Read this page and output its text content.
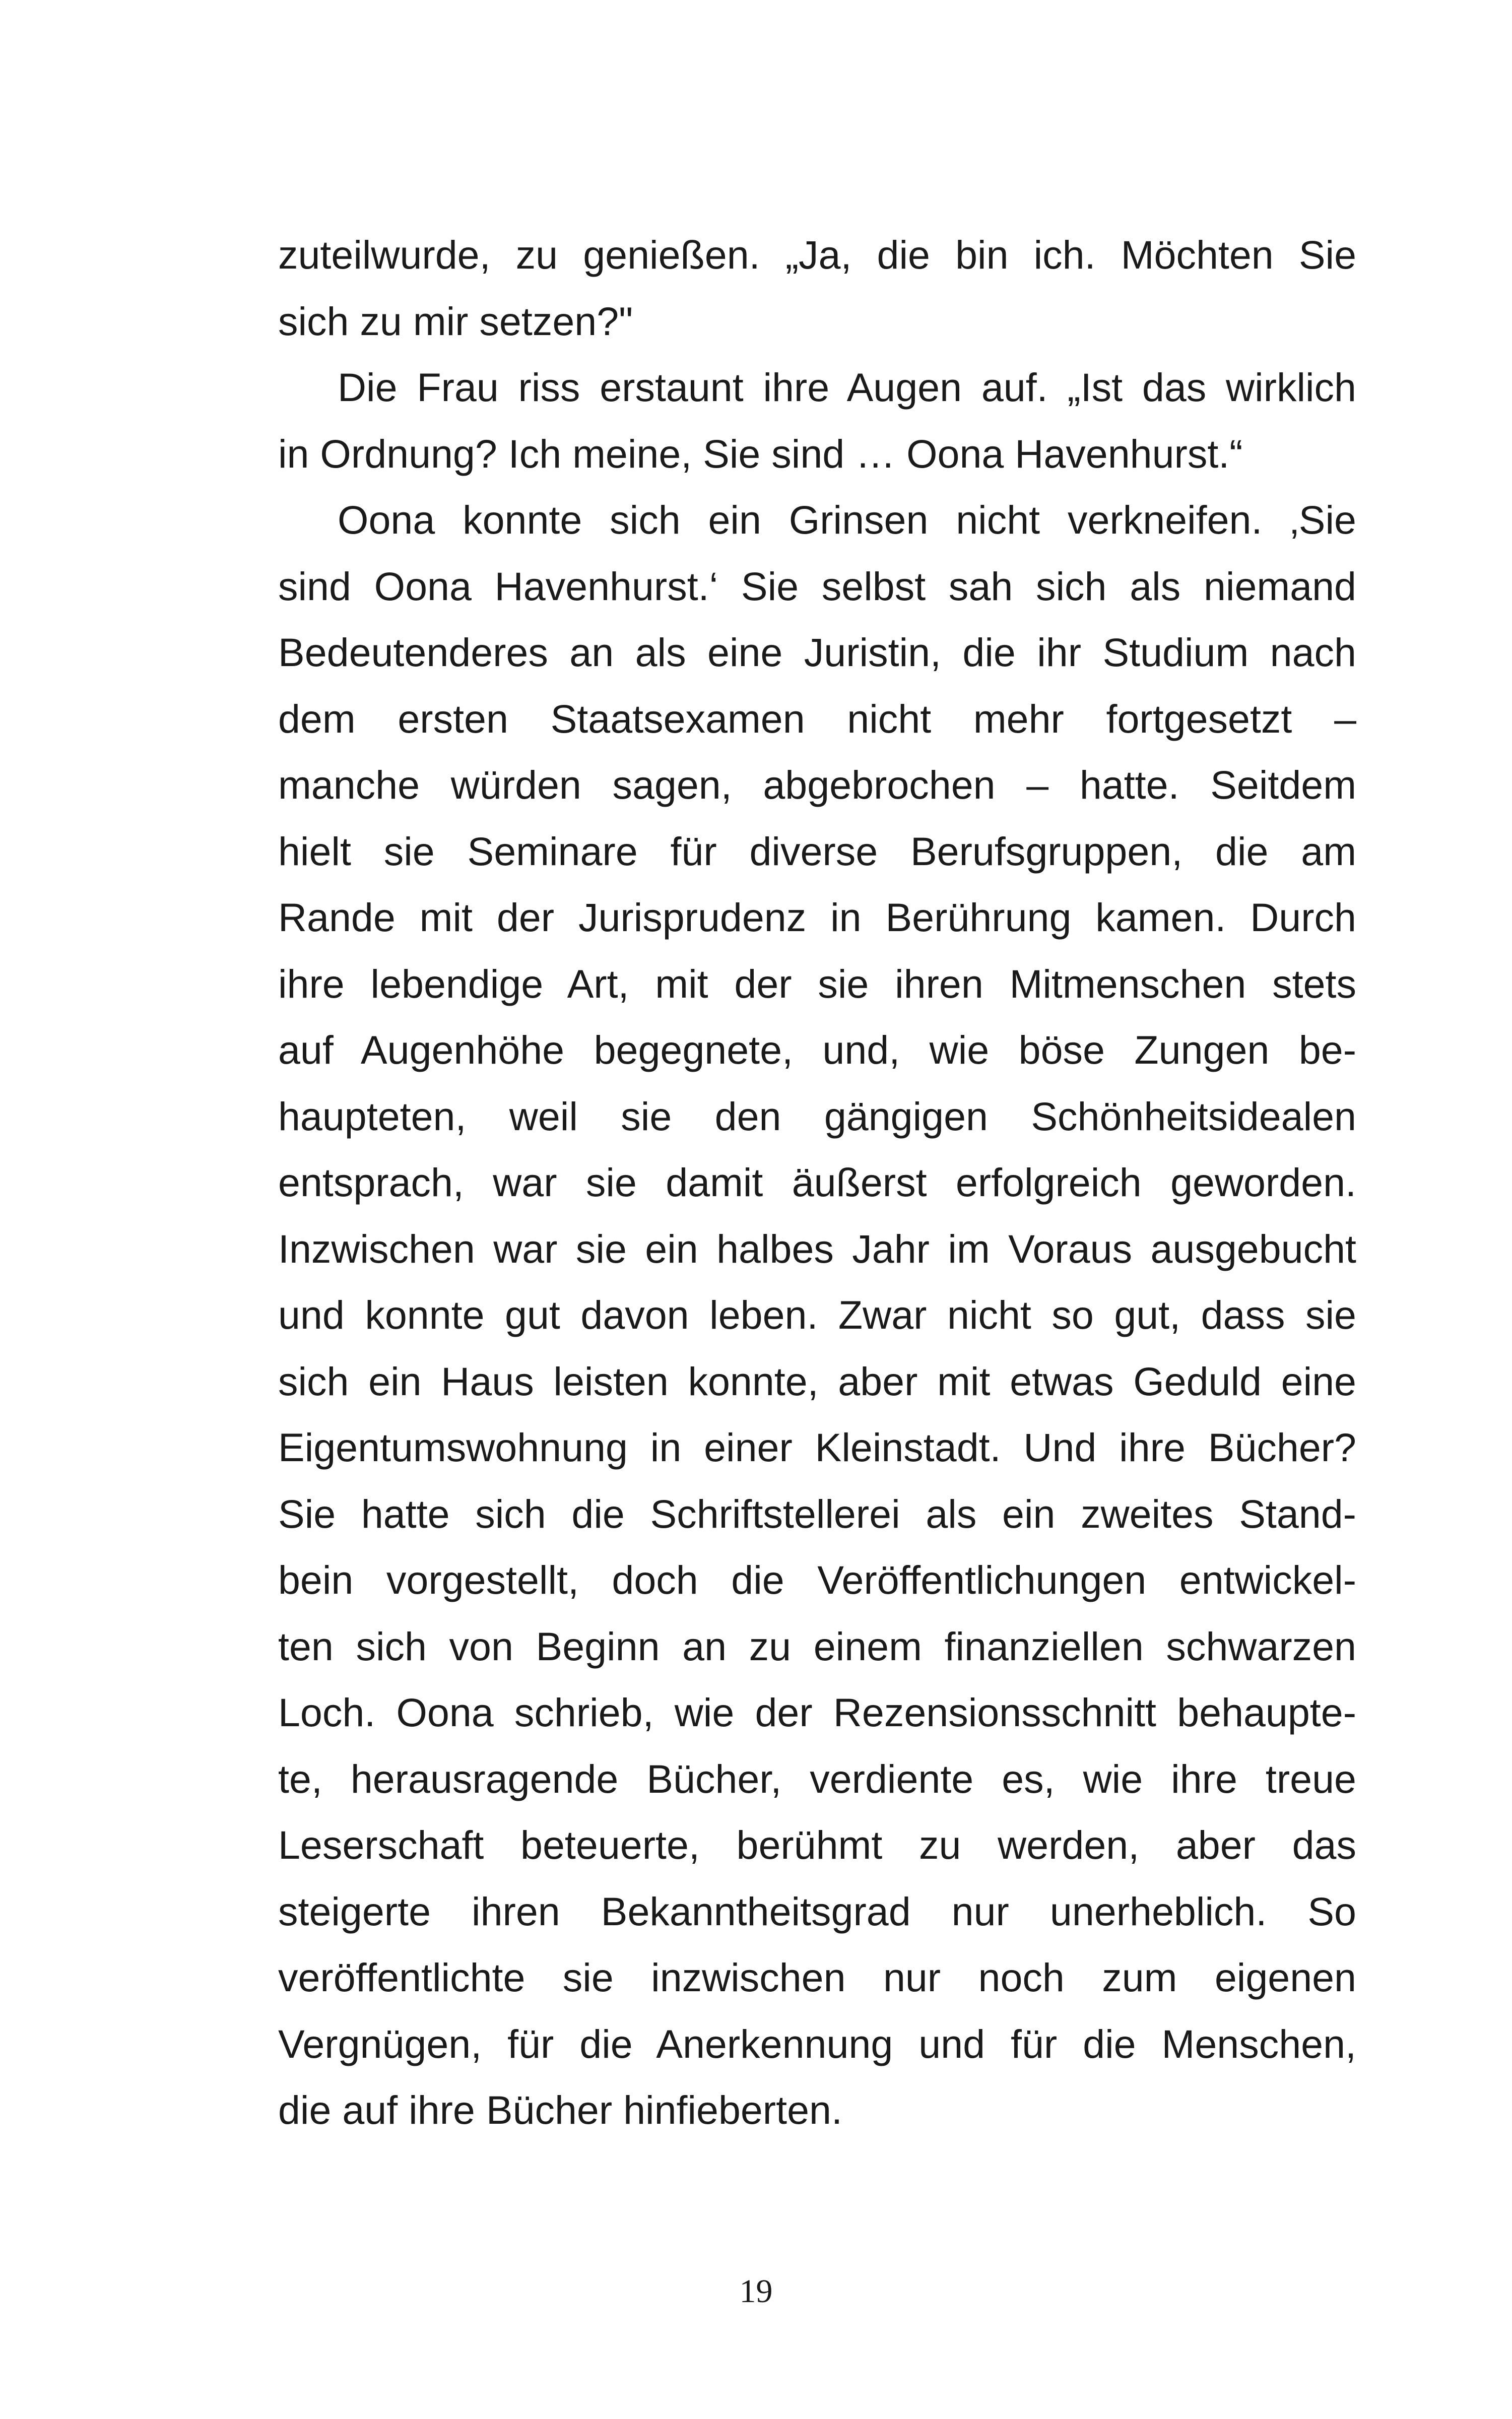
zuteilwurde, zu genießen. „Ja, die bin ich. Möchten Sie
sich zu mir setzen?"
Die Frau riss erstaunt ihre Augen auf. „Ist das wirklich
in Ordnung? Ich meine, Sie sind … Oona Havenhurst.“
Oona konnte sich ein Grinsen nicht verkneifen. ‚Sie
sind Oona Havenhurst.‘ Sie selbst sah sich als niemand
Bedeutenderes an als eine Juristin, die ihr Studium nach
dem ersten Staatsexamen nicht mehr fortgesetzt –
manche würden sagen, abgebrochen – hatte. Seitdem
hielt sie Seminare für diverse Berufsgruppen, die am
Rande mit der Jurisprudenz in Berührung kamen. Durch
ihre lebendige Art, mit der sie ihren Mitmenschen stets
auf Augenhöhe begegnete, und, wie böse Zungen be-
haupteten, weil sie den gängigen Schönheitsidealen
entsprach, war sie damit äußerst erfolgreich geworden.
Inzwischen war sie ein halbes Jahr im Voraus ausgebucht
und konnte gut davon leben. Zwar nicht so gut, dass sie
sich ein Haus leisten konnte, aber mit etwas Geduld eine
Eigentumswohnung in einer Kleinstadt. Und ihre Bücher?
Sie hatte sich die Schriftstellerei als ein zweites Stand-
bein vorgestellt, doch die Veröffentlichungen entwickel-
ten sich von Beginn an zu einem finanziellen schwarzen
Loch. Oona schrieb, wie der Rezensionsschnitt behaupte-
te, herausragende Bücher, verdiente es, wie ihre treue
Leserschaft beteuerte, berühmt zu werden, aber das
steigerte ihren Bekanntheitsgrad nur unerheblich. So
veröffentlichte sie inzwischen nur noch zum eigenen
Vergnügen, für die Anerkennung und für die Menschen,
die auf ihre Bücher hinfieberten.
19
